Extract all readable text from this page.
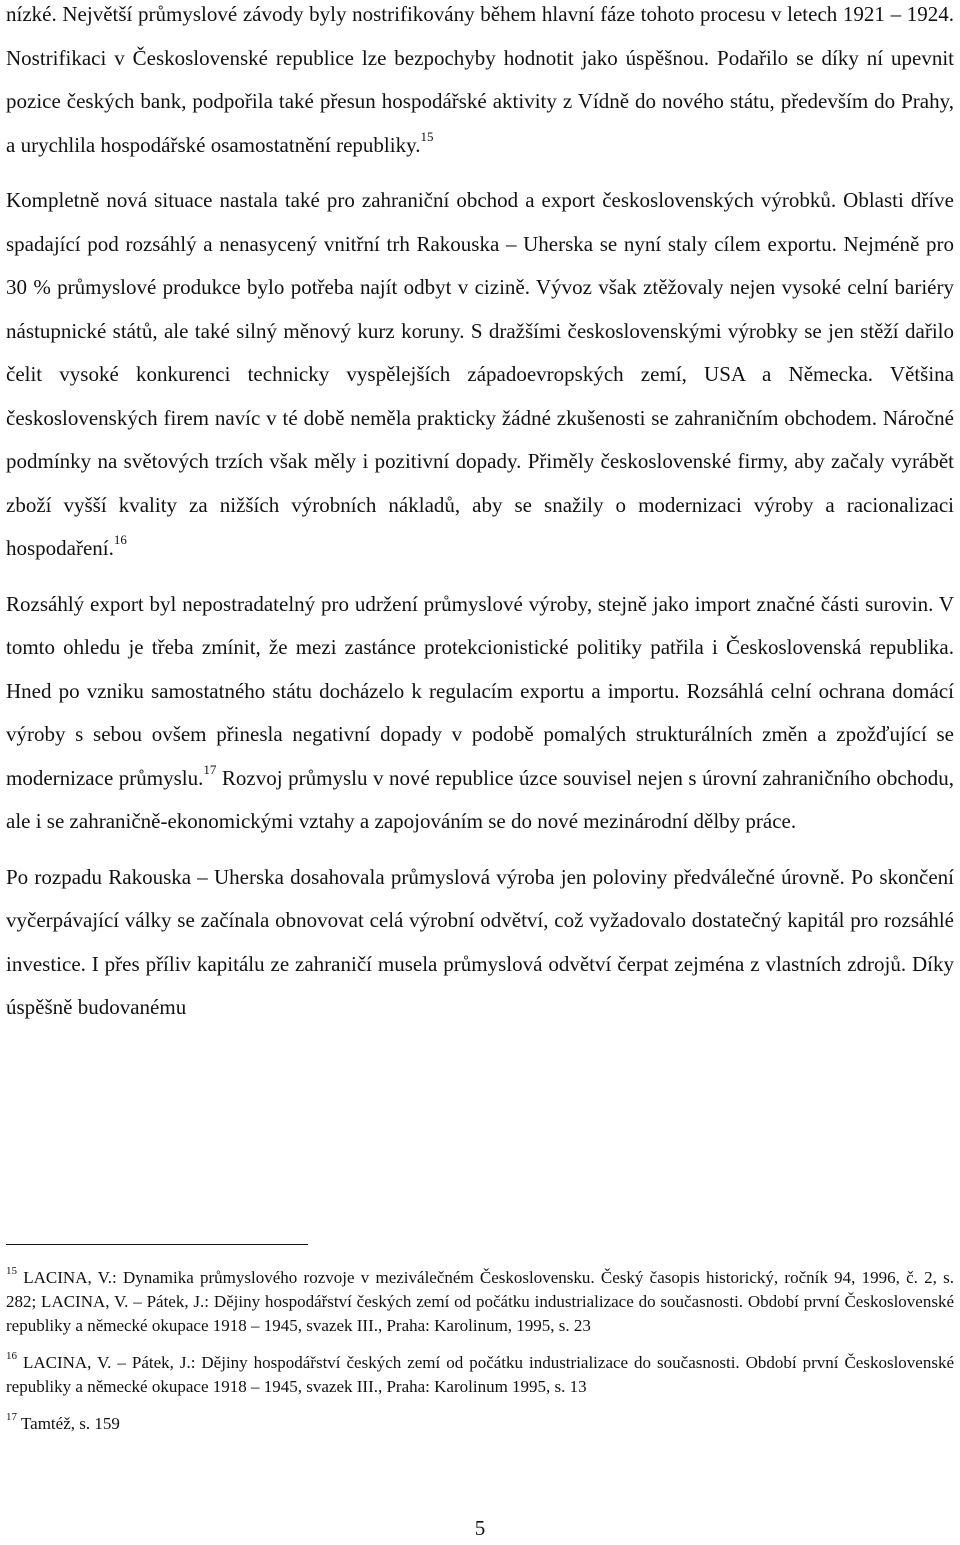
nízké. Největší průmyslové závody byly nostrifikovány během hlavní fáze tohoto procesu v letech 1921 – 1924. Nostrifikaci v Československé republice lze bezpochyby hodnotit jako úspěšnou. Podařilo se díky ní upevnit pozice českých bank, podpořila také přesun hospodářské aktivity z Vídně do nového státu, především do Prahy, a urychlila hospodářské osamostatnění republiky.$^{15}$

Kompletně nová situace nastala také pro zahraniční obchod a export československých výrobků. Oblasti dříve spadající pod rozsáhlý a nenasycený vnitřní trh Rakouska – Uherska se nyní staly cílem exportu. Nejméně pro 30 % průmyslové produkce bylo potřeba najít odbyt v cizině. Vývoz však ztěžovaly nejen vysoké celní bariéry nástupnické států, ale také silný měnový kurz koruny. S dražšími československými výrobky se jen stěží dařilo čelit vysoké konkurenci technicky vyspělejších západoevropských zemí, USA a Německa. Většina československých firem navíc v té době neměla prakticky žádné zkušenosti se zahraničním obchodem. Náročné podmínky na světových trzích však měly i pozitivní dopady. Přiměly československé firmy, aby začaly vyrábět zboží vyšší kvality za nižších výrobních nákladů, aby se snažily o modernizaci výroby a racionalizaci hospodaření.$^{16}$

Rozsáhlý export byl nepostradatelný pro udržení průmyslové výroby, stejně jako import značné části surovin. V tomto ohledu je třeba zmínit, že mezi zastánce protekcionistické politiky patřila i Československá republika. Hned po vzniku samostatného státu docházelo k regulacím exportu a importu. Rozsáhlá celní ochrana domácí výroby s sebou ovšem přinesla negativní dopady v podobě pomalých strukturálních změn a zpožďující se modernizace průmyslu.$^{17}$ Rozvoj průmyslu v nové republice úzce souvisel nejen s úrovní zahraničního obchodu, ale i se zahraničně-ekonomickými vztahy a zapojováním se do nové mezinárodní dělby práce.

Po rozpadu Rakouska – Uherska dosahovala průmyslová výroba jen poloviny předválečné úrovně. Po skončení vyčerpávající války se začínala obnovovat celá výrobní odvětví, což vyžadovalo dostatečný kapitál pro rozsáhlé investice. I přes příliv kapitálu ze zahraničí musela průmyslová odvětví čerpat zejména z vlastních zdrojů. Díky úspěšně budovanému

$^{15}$ LACINA, V.: Dynamika průmyslového rozvoje v meziválečném Československu. Český časopis historický, ročník 94, 1996, č. 2, s. 282; LACINA, V. – Pátek, J.: Dějiny hospodářství českých zemí od počátku industrializace do současnosti. Období první Československé republiky a německé okupace 1918 – 1945, svazek III., Praha: Karolinum, 1995, s. 23

$^{16}$ LACINA, V. – Pátek, J.: Dějiny hospodářství českých zemí od počátku industrializace do současnosti. Období první Československé republiky a německé okupace 1918 – 1945, svazek III., Praha: Karolinum 1995, s. 13

$^{17}$ Tamtéž, s. 159

5
